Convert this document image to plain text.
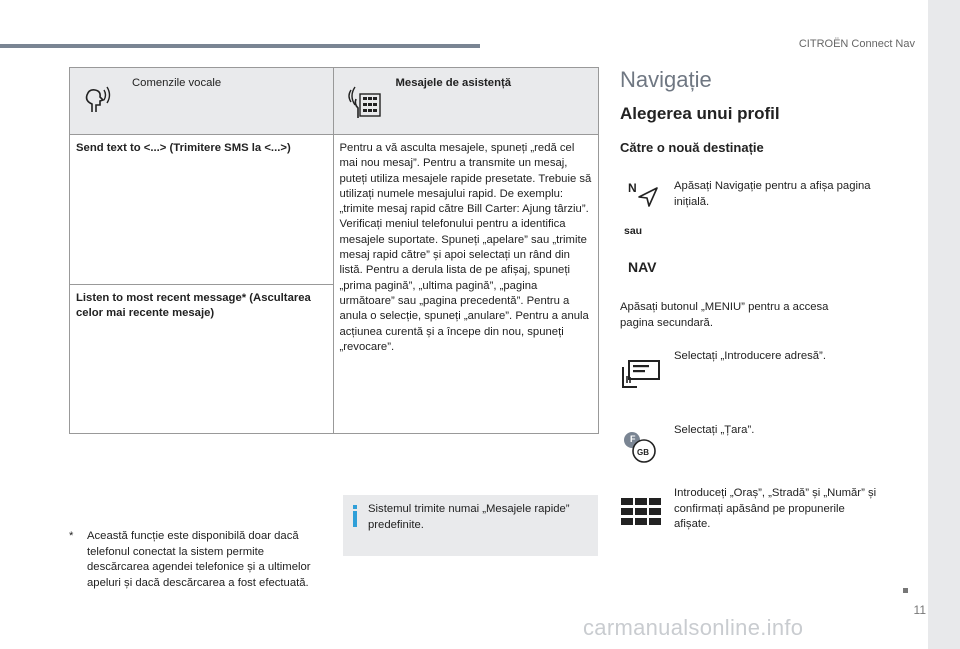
CITROËN Connect Nav
Comenzile vocale	Mesajele de asistență

Send text to <...> (Trimitere SMS la <...>)	Pentru a vă asculta mesajele, spuneți „redă cel mai nou mesaj”. Pentru a transmite un mesaj, puteți utiliza mesajele rapide presetate. Trebuie să utilizați numele mesajului rapid. De exemplu: „trimite mesaj rapid către Bill Carter: Ajung târziu”. Verificați meniul telefonului pentru a identifica mesajele suportate. Spuneți „apelare” sau „trimite mesaj rapid către” și apoi selectați un rând din listă. Pentru a derula lista de pe afișaj, spuneți „prima pagină”, „ultima pagină”, „pagina următoare” sau „pagina precedentă”. Pentru a anula o selecție, spuneți „anulare”. Pentru a anula acțiunea curentă și a începe din nou, spuneți „revocare”.
Listen to most recent message* (Ascultarea celor mai recente mesaje)	
* Această funcție este disponibilă doar dacă telefonul conectat la sistem permite descărcarea agendei telefonice și a ultimelor apeluri și dacă descărcarea a fost efectuată.
Sistemul trimite numai „Mesajele rapide” predefinite.
Navigație
Alegerea unui profil
Către o nouă destinație
N	Apăsați Navigație pentru a afișa pagina inițială.
sau
NAV
Apăsați butonul „MENIU” pentru a accesa pagina secundară.
Selectați „Introducere adresă”.
F
GB
Selectați „Țara”.
Introduceți „Oraș”, „Stradă” și „Număr” și confirmați apăsând pe propunerile afișate.
11
carmanualsonline.info
